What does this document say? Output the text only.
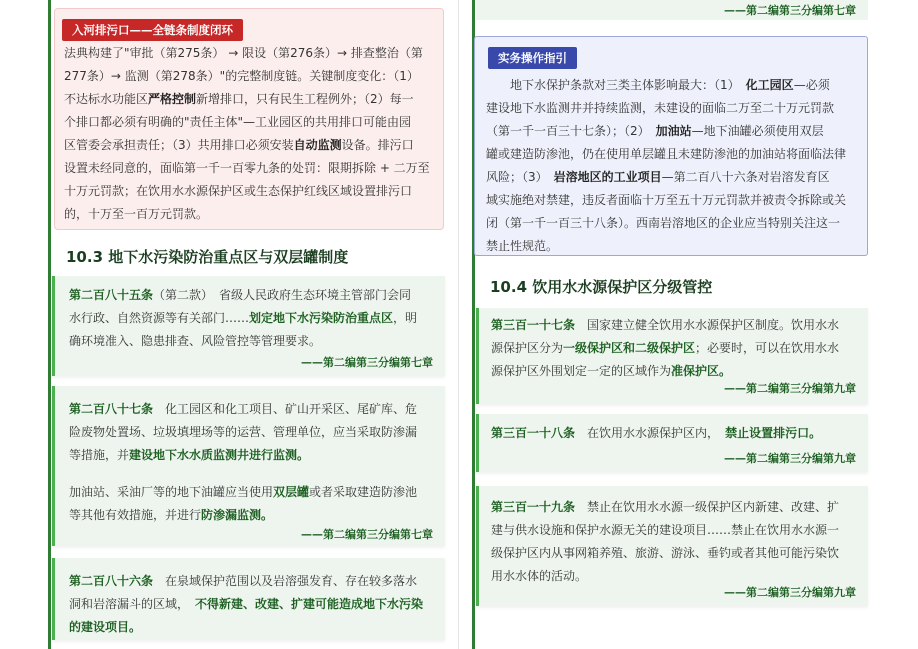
入河排污口——全链条制度闭环
法典构建了"审批（第275条） → 限设（第276条）→ 排查整治（第
277条）→ 监测（第278条）"的完整制度链。关键制度变化：（1）
不达标水功能区严格控制新增排口，只有民生工程例外；（2）每一
个排口都必须有明确的"责任主体"—工业园区的共用排口可能由园
区管委会承担责任；（3）共用排口必须安装自动监测设备。排污口
设置未经同意的，面临第一千一百零九条的处罚：限期拆除 + 二万至
十万元罚款；在饮用水水源保护区或生态保护红线区域设置排污口
的，十万至一百万元罚款。
10.3 地下水污染防治重点区与双层罐制度
第二百八十五条（第二款）　 省级人民政府生态环境主管部门会同
水行政、自然资源等有关部门……划定地下水污染防治重点区，明
确环境准入、隐患排查、风险管控等管理要求。
——第二编第三分编第七章
第二百八十七条　 化工园区和化工项目、矿山开采区、尾矿库、危
险废物处置场、垃圾填埋场等的运营、管理单位，应当采取防渗漏
等措施，并建设地下水水质监测井进行监测。
加油站、采油厂等的地下油罐应当使用双层罐或者采取建造防渗池
等其他有效措施，并进行防渗漏监测。
——第二编第三分编第七章
第二百八十六条　 在泉域保护范围以及岩溶强发育、存在较多落水
洞和岩溶漏斗的区域，　 不得新建、改建、扩建可能造成地下水污染
的建设项目。
——第二编第三分编第七章
实务操作指引
　　地下水保护条款对三类主体影响最大：（1）　 化工园区—必须
建设地下水监测井并持续监测，未建设的面临二万至二十万元罚款
（第一千一百三十七条）；（2）　 加油站—地下油罐必须使用双层
罐或建造防渗池，仍在使用单层罐且未建防渗池的加油站将面临法律
风险；（3）　 岩溶地区的工业项目—第二百八十六条对岩溶发育区
域实施绝对禁建，违反者面临十万至五十万元罚款并被责令拆除或关
闭（第一千一百三十八条）。西南岩溶地区的企业应当特别关注这一
禁止性规范。
10.4 饮用水水源保护区分级管控
第三百一十七条　 国家建立健全饮用水水源保护区制度。饮用水水
源保护区分为一级保护区和二级保护区；必要时，可以在饮用水水
源保护区外围划定一定的区域作为准保护区。
——第二编第三分编第九章
第三百一十八条　 在饮用水水源保护区内，　 禁止设置排污口。
——第二编第三分编第九章
第三百一十九条　 禁止在饮用水水源一级保护区内新建、改建、扩
建与供水设施和保护水源无关的建设项目……禁止在饮用水水源一
级保护区内从事网箱养殖、旅游、游泳、垂钓或者其他可能污染饮
用水水体的活动。
——第二编第三分编第九章
